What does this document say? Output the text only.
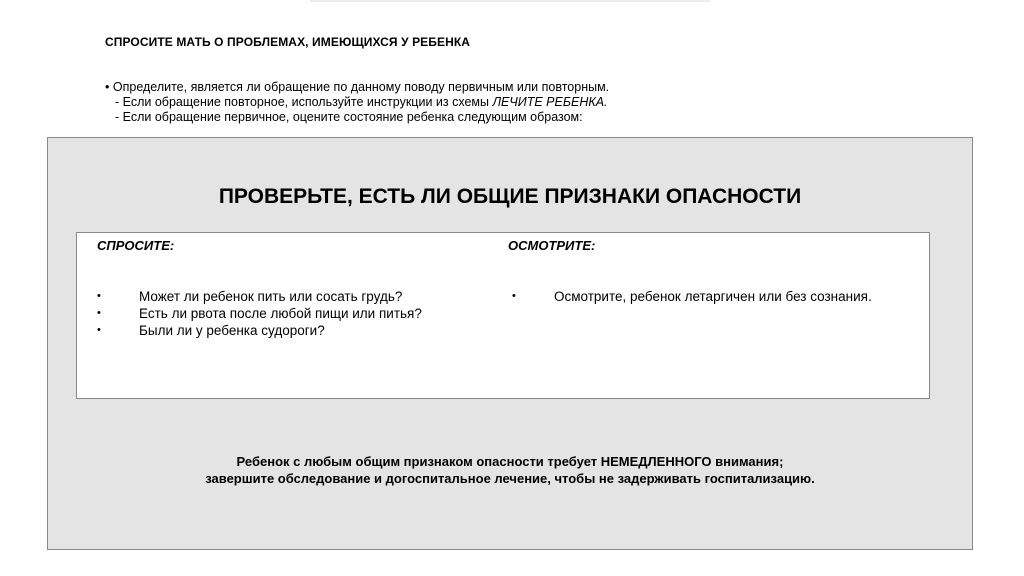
СПРОСИТЕ МАТЬ О ПРОБЛЕМАХ, ИМЕЮЩИХСЯ У РЕБЕНКА
• Определите, является ли обращение по данному поводу первичным или повторным.
- Если обращение повторное, используйте инструкции из схемы ЛЕЧИТЕ РЕБЕНКА.
- Если обращение первичное, оцените состояние ребенка следующим образом:
ПРОВЕРЬТЕ, ЕСТЬ ЛИ ОБЩИЕ ПРИЗНАКИ ОПАСНОСТИ
СПРОСИТЕ:	ОСМОТРИТЕ:
•	Может ли ребенок пить или сосать грудь?
•	Есть ли рвота после любой пищи или питья?
•	Были ли у ребенка судороги?
•	Осмотрите, ребенок летаргичен или без сознания.
Ребенок с любым общим признаком опасности требует НЕМЕДЛЕННОГО внимания;
завершите обследование и догоспитальное лечение, чтобы не задерживать госпитализацию.
